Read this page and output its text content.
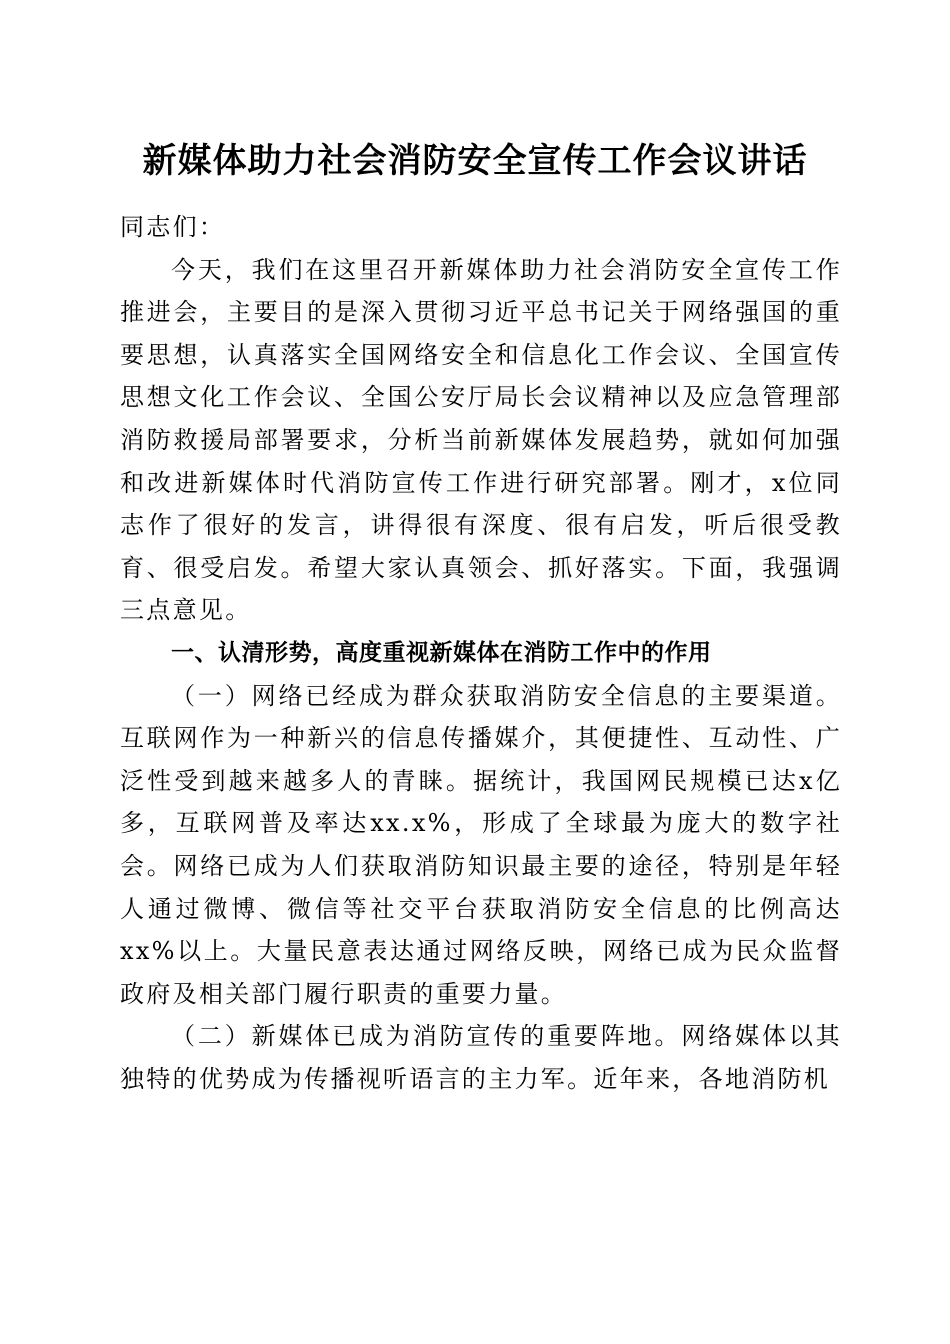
新媒体助力社会消防安全宣传工作会议讲话

同志们：

今天，我们在这里召开新媒体助力社会消防安全宣传工作推进会，主要目的是深入贯彻习近平总书记关于网络强国的重要思想，认真落实全国网络安全和信息化工作会议、全国宣传思想文化工作会议、全国公安厅局长会议精神以及应急管理部消防救援局部署要求，分析当前新媒体发展趋势，就如何加强和改进新媒体时代消防宣传工作进行研究部署。刚才，x位同志作了很好的发言，讲得很有深度、很有启发，听后很受教育、很受启发。希望大家认真领会、抓好落实。下面，我强调三点意见。

一、认清形势，高度重视新媒体在消防工作中的作用

（一）网络已经成为群众获取消防安全信息的主要渠道。互联网作为一种新兴的信息传播媒介，其便捷性、互动性、广泛性受到越来越多人的青睐。据统计，我国网民规模已达x亿多，互联网普及率达xx.x%，形成了全球最为庞大的数字社会。网络已成为人们获取消防知识最主要的途径，特别是年轻人通过微博、微信等社交平台获取消防安全信息的比例高达xx%以上。大量民意表达通过网络反映，网络已成为民众监督政府及相关部门履行职责的重要力量。

（二）新媒体已成为消防宣传的重要阵地。网络媒体以其独特的优势成为传播视听语言的主力军。近年来，各地消防机
